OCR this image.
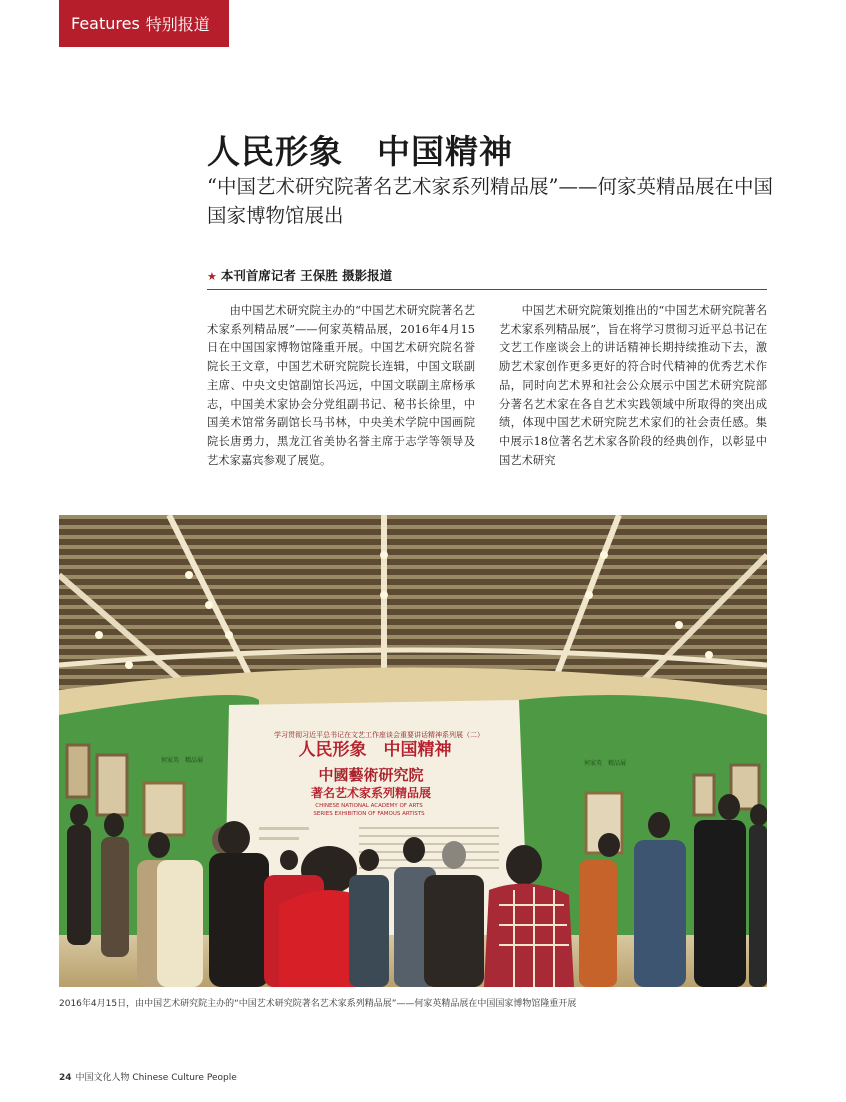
Features 特别报道
人民形象　中国精神
“中国艺术研究院著名艺术家系列精品展”——何家英精品展在中国国家博物馆展出
★ 本刊首席记者 王保胜 摄影报道

由中国艺术研究院主办的“中国艺术研究院著名艺术家系列精品展”——何家英精品展，2016年4月15日在中国国家博物馆隆重开展。中国艺术研究院名誉院长王文章，中国艺术研究院院长连辑，中国文联副主席、中央文史馆副馆长冯远，中国文联副主席杨承志，中国美术家协会分党组副书记、秘书长徐里，中国美术馆常务副馆长马书林，中央美术学院中国画院院长唐勇力，黑龙江省美协名誉主席于志学等领导及艺术家嘉宾参观了展览。

中国艺术研究院策划推出的“中国艺术研究院著名艺术家系列精品展”，旨在将学习贯彻习近平总书记在文艺工作座谈会上的讲话精神长期持续推动下去，激励艺术家创作更多更好的符合时代精神的优秀艺术作品，同时向艺术界和社会公众展示中国艺术研究院部分著名艺术家在各自艺术实践领域中所取得的突出成绩，体现中国艺术研究院艺术家们的社会责任感。集中展示18位著名艺术家各阶段的经典创作，以彰显中国艺术研究

何家英　精品展	何家英　精品展
学习贯彻习近平总书记在文艺工作座谈会重要讲话精神系列展（二）
人民形象　中国精神
中國藝術研究院
著名艺术家系列精品展
CHINESE NATIONAL ACADEMY OF ARTS
SERIES EXHIBITION OF FAMOUS ARTISTS
2016年4月15日，由中国艺术研究院主办的“中国艺术研究院著名艺术家系列精品展”——何家英精品展在中国国家博物馆隆重开展
24 中国文化人物 Chinese Culture People
